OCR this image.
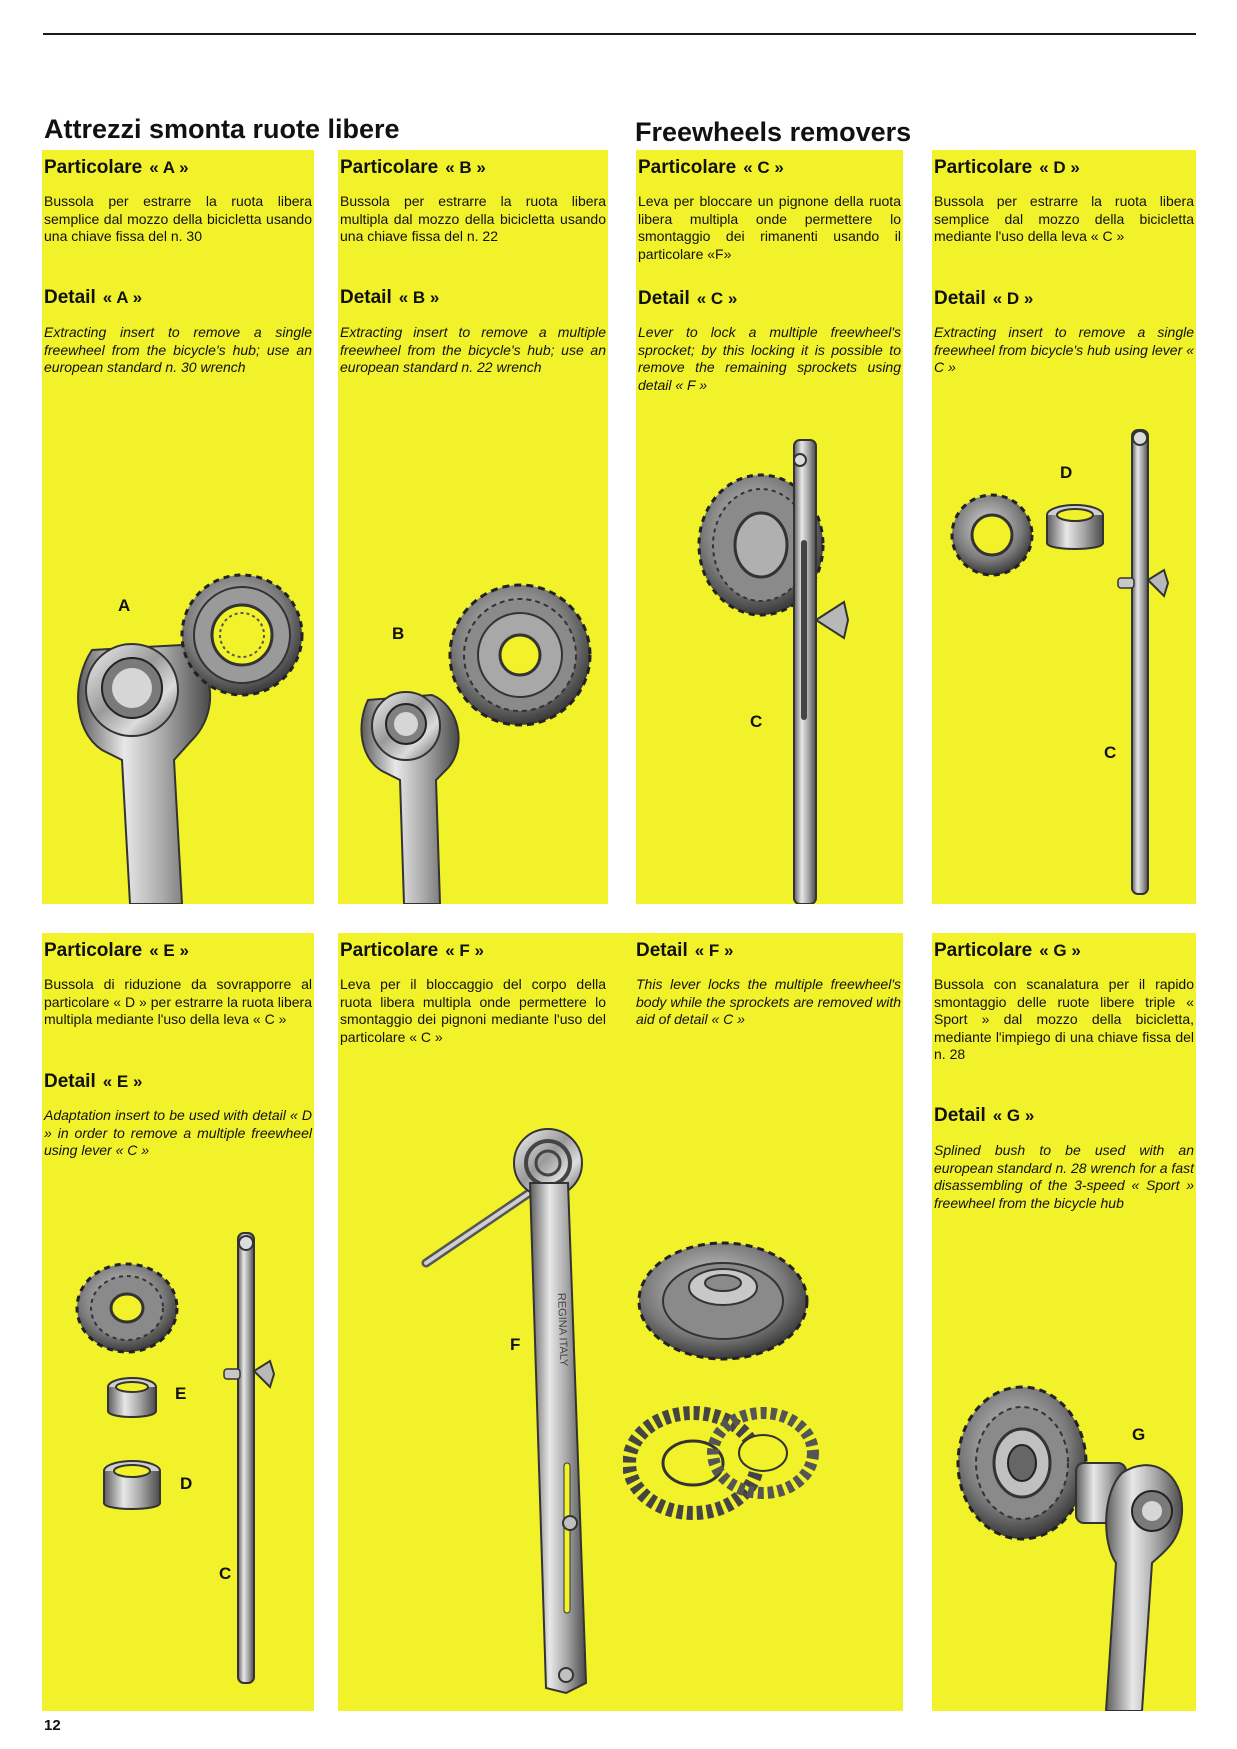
Attrezzi smonta ruote libere	Freewheels removers

Particolare « A »

Bussola per estrarre la ruota libera semplice dal mozzo della bicicletta usando una chiave fissa del n. 30

Detail « A »

Extracting insert to remove a single freewheel from the bicycle's hub; use an european standard n. 30 wrench

A

Particolare « B »

Bussola per estrarre la ruota libera multipla dal mozzo della bicicletta usando una chiave fissa del n. 22

Detail « B »

Extracting insert to remove a multiple freewheel from the bicycle's hub; use an european standard n. 22 wrench

B

Particolare « C »

Leva per bloccare un pignone della ruota libera multipla onde permettere lo smontaggio dei rimanenti usando il particolare «F»

Detail « C »

Lever to lock a multiple freewheel's sprocket; by this locking it is possible to remove the remaining sprockets using detail « F »

C

Particolare « D »

Bussola per estrarre la ruota libera semplice dal mozzo della bicicletta mediante l'uso della leva « C »

Detail « D »

Extracting insert to remove a single freewheel from bicycle's hub using lever « C »

D
C

Particolare « E »

Bussola di riduzione da sovrapporre al particolare « D » per estrarre la ruota libera multipla mediante l'uso della leva « C »

Detail « E »

Adaptation insert to be used with detail « D » in order to remove a multiple freewheel using lever « C »

E
D
C

Particolare « F »

Leva per il bloccaggio del corpo della ruota libera multipla onde permettere lo smontaggio dei pignoni mediante l'uso del particolare « C »

Detail « F »

This lever locks the multiple freewheel's body while the sprockets are removed with aid of detail « C »

F	REGINA ITALY

Particolare « G »

Bussola con scanalatura per il rapido smontaggio delle ruote libere triple « Sport » dal mozzo della bicicletta, mediante l'impiego di una chiave fissa del n. 28

Detail « G »

Splined bush to be used with an european standard n. 28 wrench for a fast disassembling of the 3-speed « Sport » freewheel from the bicycle hub

G
12
